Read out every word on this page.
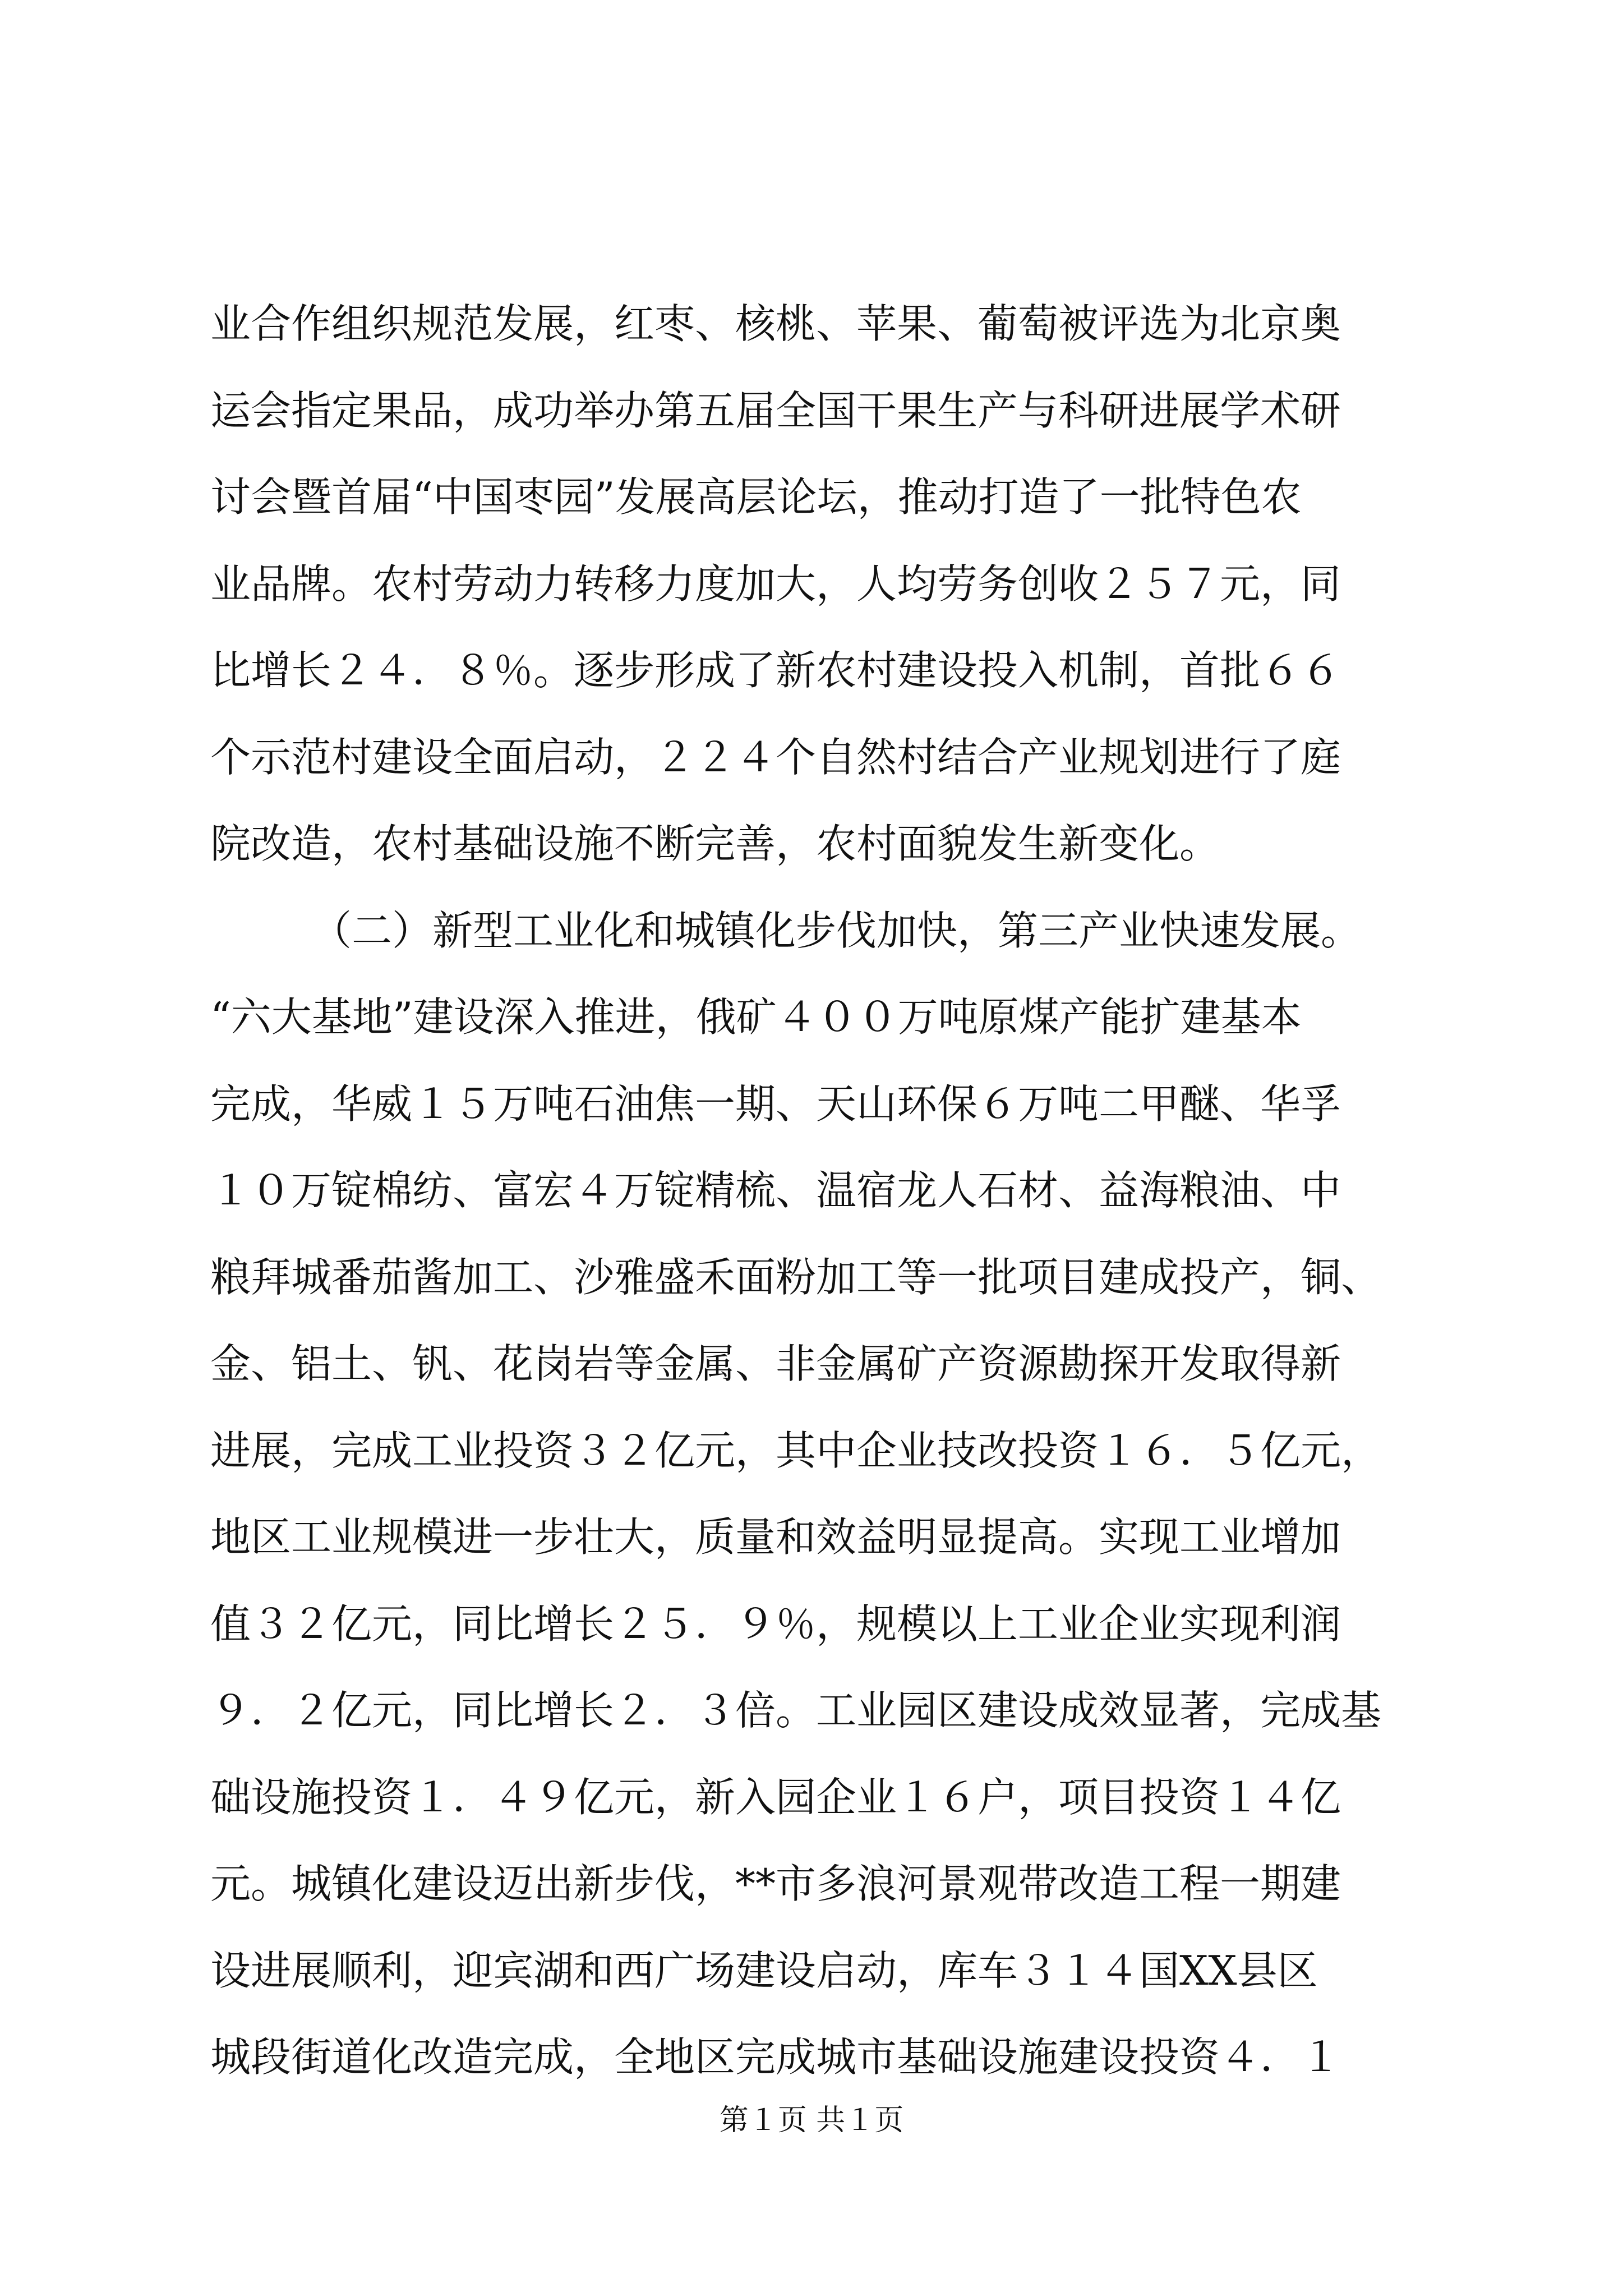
业合作组织规范发展，红枣、核桃、苹果、葡萄被评选为北京奥
运会指定果品，成功举办第五届全国干果生产与科研进展学术研
讨会暨首届“中国枣园”发展高层论坛，推动打造了一批特色农
业品牌。农村劳动力转移力度加大，人均劳务创收２５７元，同
比增长２４．８％。逐步形成了新农村建设投入机制，首批６６
个示范村建设全面启动，２２４个自然村结合产业规划进行了庭
院改造，农村基础设施不断完善，农村面貌发生新变化。
（二）新型工业化和城镇化步伐加快，第三产业快速发展。
“六大基地”建设深入推进，俄矿４００万吨原煤产能扩建基本
完成，华威１５万吨石油焦一期、天山环保６万吨二甲醚、华孚
１０万锭棉纺、富宏４万锭精梳、温宿龙人石材、益海粮油、中
粮拜城番茄酱加工、沙雅盛禾面粉加工等一批项目建成投产，铜、
金、铝土、钒、花岗岩等金属、非金属矿产资源勘探开发取得新
进展，完成工业投资３２亿元，其中企业技改投资１６．５亿元，
地区工业规模进一步壮大，质量和效益明显提高。实现工业增加
值３２亿元，同比增长２５．９％，规模以上工业企业实现利润
９．２亿元，同比增长２．３倍。工业园区建设成效显著，完成基
础设施投资１．４９亿元，新入园企业１６户，项目投资１４亿
元。城镇化建设迈出新步伐，**市多浪河景观带改造工程一期建
设进展顺利，迎宾湖和西广场建设启动，库车３１４国XX县区
城段街道化改造完成，全地区完成城市基础设施建设投资４．１
第１页 共１页
